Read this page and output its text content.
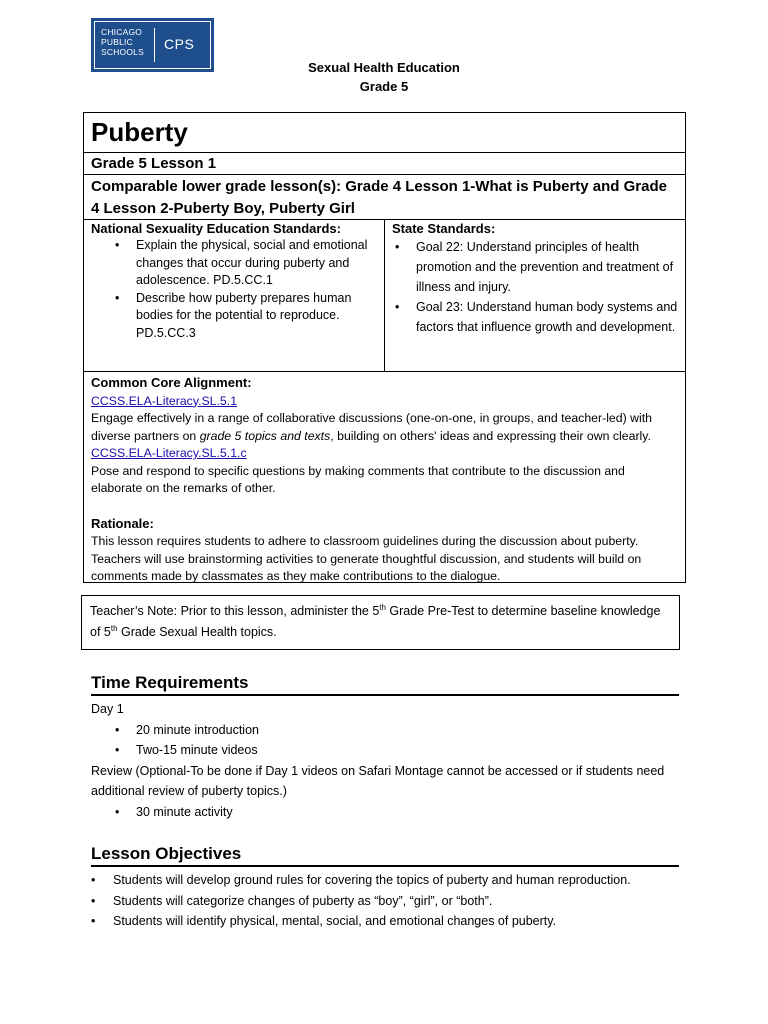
CHICAGO
PUBLIC
SCHOOLS CPS
Sexual Health Education
Grade 5
Puberty
Grade 5 Lesson 1
Comparable lower grade lesson(s): Grade 4 Lesson 1-What is Puberty and Grade 4 Lesson 2-Puberty Boy, Puberty Girl
National Sexuality Education Standards:
• Explain the physical, social and emotional changes that occur during puberty and adolescence. PD.5.CC.1
• Describe how puberty prepares human bodies for the potential to reproduce. PD.5.CC.3
State Standards:
• Goal 22: Understand principles of health promotion and the prevention and treatment of illness and injury.
• Goal 23: Understand human body systems and factors that influence growth and development.
Common Core Alignment:
CCSS.ELA-Literacy.SL.5.1
Engage effectively in a range of collaborative discussions (one-on-one, in groups, and teacher-led) with diverse partners on grade 5 topics and texts, building on others' ideas and expressing their own clearly.
CCSS.ELA-Literacy.SL.5.1.c
Pose and respond to specific questions by making comments that contribute to the discussion and elaborate on the remarks of other.
Rationale:
This lesson requires students to adhere to classroom guidelines during the discussion about puberty. Teachers will use brainstorming activities to generate thoughtful discussion, and students will build on comments made by classmates as they make contributions to the dialogue.
Teacher’s Note: Prior to this lesson, administer the 5th Grade Pre-Test to determine baseline knowledge of 5th Grade Sexual Health topics.
Time Requirements
Day 1
• 20 minute introduction
• Two-15 minute videos
Review (Optional-To be done if Day 1 videos on Safari Montage cannot be accessed or if students need additional review of puberty topics.)
• 30 minute activity
Lesson Objectives
• Students will develop ground rules for covering the topics of puberty and human reproduction.
• Students will categorize changes of puberty as “boy”, “girl”, or “both”.
• Students will identify physical, mental, social, and emotional changes of puberty.
